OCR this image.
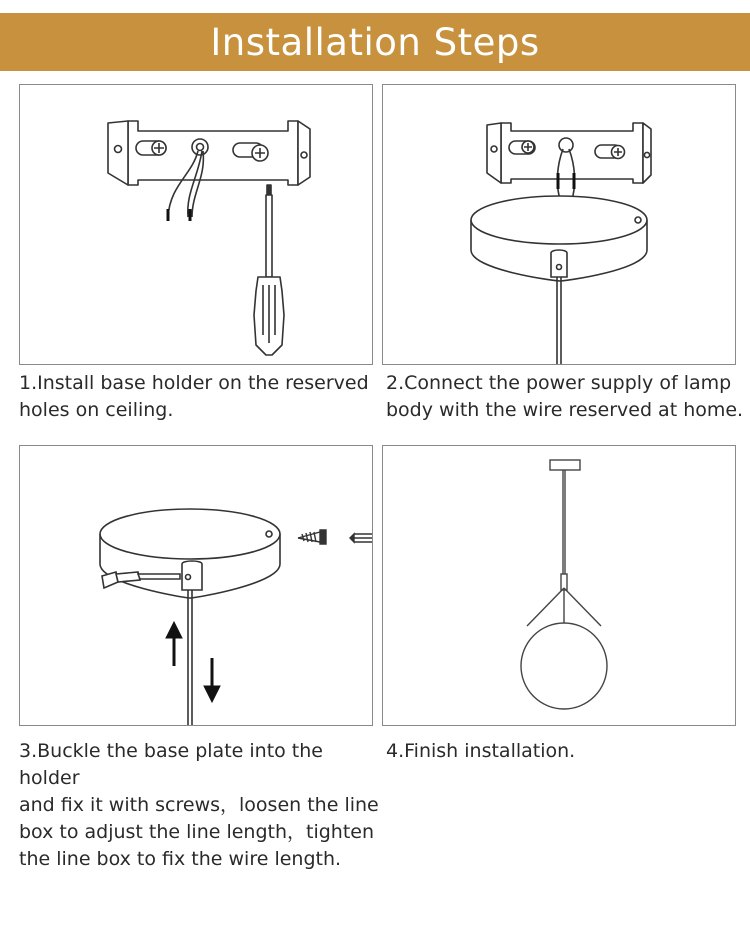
Installation Steps
1.Install base holder on the reserved
holes on ceiling.
2.Connect the power supply of lamp
body with the wire reserved at home.
3.Buckle the base plate into the holder
and fix it with screws，loosen the line
box to adjust the line length，tighten
the line box to fix the wire length.
4.Finish installation.
